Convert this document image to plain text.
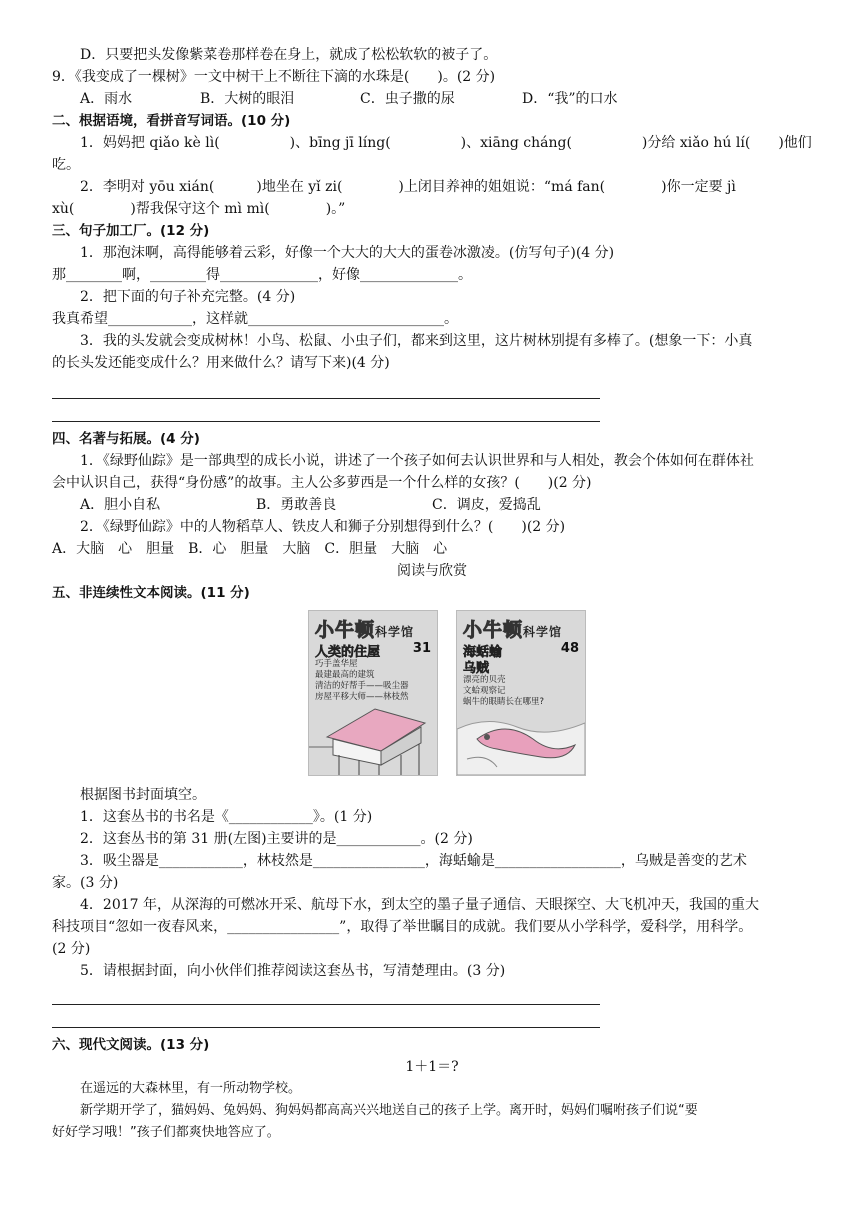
D．只要把头发像紫菜卷那样卷在身上，就成了松松软软的被子了。

9．《我变成了一棵树》一文中树干上不断往下滴的水珠是(　　)。(2 分)

A．雨水	B．大树的眼泪	C．虫子撒的尿	D．“我”的口水

二、根据语境，看拼音写词语。(10 分)

1．妈妈把 qiǎo kè lì(　　　　　)、bīng jī líng(　　　　　)、xiāng cháng(　　　　　)分给 xiǎo hú lí(　　)他们

吃。

2．李明对 yōu xián(　　　)地坐在 yǐ zi(　　　　)上闭目养神的姐姐说：“má fan(　　　　)你一定要 jì

xù(　　　　)帮我保守这个 mì mì(　　　　)。”

三、句子加工厂。(12 分)

1．那泡沫啊，高得能够着云彩，好像一个大大的大大的蛋卷冰激凌。(仿写句子)(4 分)

那________啊，________得______________，好像______________。

2．把下面的句子补充完整。(4 分)

我真希望____________，这样就____________________________。

3．我的头发就会变成树林！小鸟、松鼠、小虫子们，都来到这里，这片树林别提有多棒了。(想象一下：小真

的长头发还能变成什么？用来做什么？请写下来)(4 分)

四、名著与拓展。(4 分)

1．《绿野仙踪》是一部典型的成长小说，讲述了一个孩子如何去认识世界和与人相处，教会个体如何在群体社

会中认识自己，获得“身份感”的故事。主人公多萝西是一个什么样的女孩？(　　)(2 分)

A．胆小自私	B．勇敢善良	C．调皮，爱捣乱

2．《绿野仙踪》中的人物稻草人、铁皮人和狮子分别想得到什么？(　　)(2 分)

A．大脑　心　胆量　B．心　胆量　大脑　C．胆量　大脑　心

阅读与欣赏

五、非连续性文本阅读。(11 分)

小牛顿科学馆
人类的住屋	31
巧手盖华屋
最建最高的建筑
清洁的好帮手——吸尘器
房屋平移大师——林枝然
小牛顿科学馆
海蛞蝓	48
乌贼
漂亮的贝壳
文蛤观察记
蜗牛的眼睛长在哪里?

根据图书封面填空。

1．这套丛书的书名是《____________》。(1 分)

2．这套丛书的第 31 册(左图)主要讲的是____________。(2 分)

3．吸尘器是____________，林枝然是________________，海蛞蝓是__________________，乌贼是善变的艺术

家。(3 分)

4．2017 年，从深海的可燃冰开采、航母下水，到太空的墨子量子通信、天眼探空、大飞机冲天，我国的重大

科技项目“忽如一夜春风来，________________”，取得了举世瞩目的成就。我们要从小学科学，爱科学，用科学。

(2 分)

5．请根据封面，向小伙伴们推荐阅读这套丛书，写清楚理由。(3 分)

六、现代文阅读。(13 分)

1＋1＝?

在遥远的大森林里，有一所动物学校。

新学期开学了，猫妈妈、兔妈妈、狗妈妈都高高兴兴地送自己的孩子上学。离开时，妈妈们嘱咐孩子们说“要

好好学习哦！”孩子们都爽快地答应了。
